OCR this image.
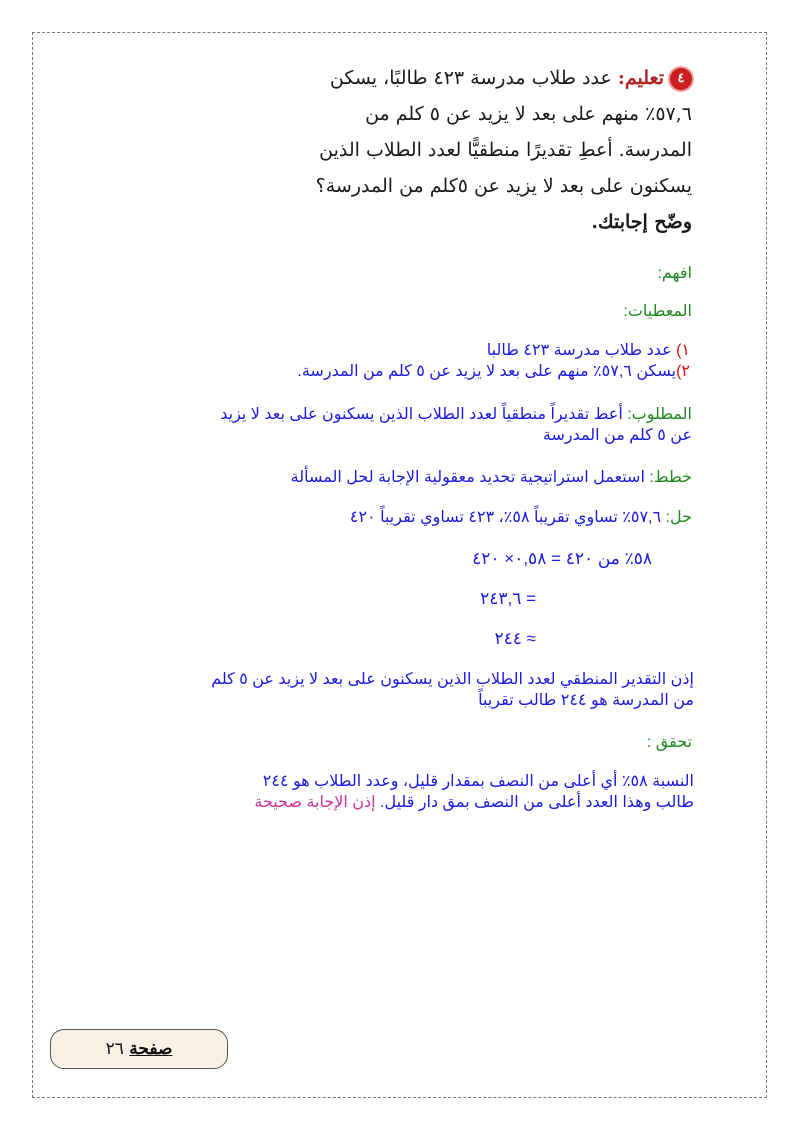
٤تعليم: عدد طلاب مدرسة ٤٢٣ طالبًا، يسكن
٥٧,٦٪ منهم على بعد لا يزيد عن ٥ كلم من
المدرسة. أعطِ تقديرًا منطقيًّا لعدد الطلاب الذين
يسكنون على بعد لا يزيد عن ٥كلم من المدرسة؟
وضّح إجابتك.
افهم:
المعطيات:
١) عدد طلاب مدرسة ٤٢٣ طالبا
٢)يسكن ٥٧,٦٪ منهم على بعد لا يزيد عن ٥ كلم من المدرسة.
المطلوب: أعط تقديراً منطقياً لعدد الطلاب الذين يسكنون على بعد لا يزيد
عن ٥ كلم من المدرسة
خطط: استعمل استراتيجية تحديد معقولية الإجابة لحل المسألة
حل: ٥٧,٦٪ تساوي تقريباً ٥٨٪، ٤٢٣ تساوي تقريباً ٤٢٠
٥٨٪ من ٤٢٠ = ٠,٥٨× ٤٢٠
= ٢٤٣,٦
≈ ٢٤٤
إذن التقدير المنطقي لعدد الطلاب الذين يسكنون على بعد لا يزيد عن ٥ كلم
من المدرسة هو ٢٤٤ طالب تقريباً
تحقق :
النسبة ٥٨٪ أي أعلى من النصف بمقدار قليل، وعدد الطلاب هو ٢٤٤
طالب وهذا العدد أعلى من النصف بمق دار قليل. إذن الإجابة صحيحة
صفحة ٢٦
